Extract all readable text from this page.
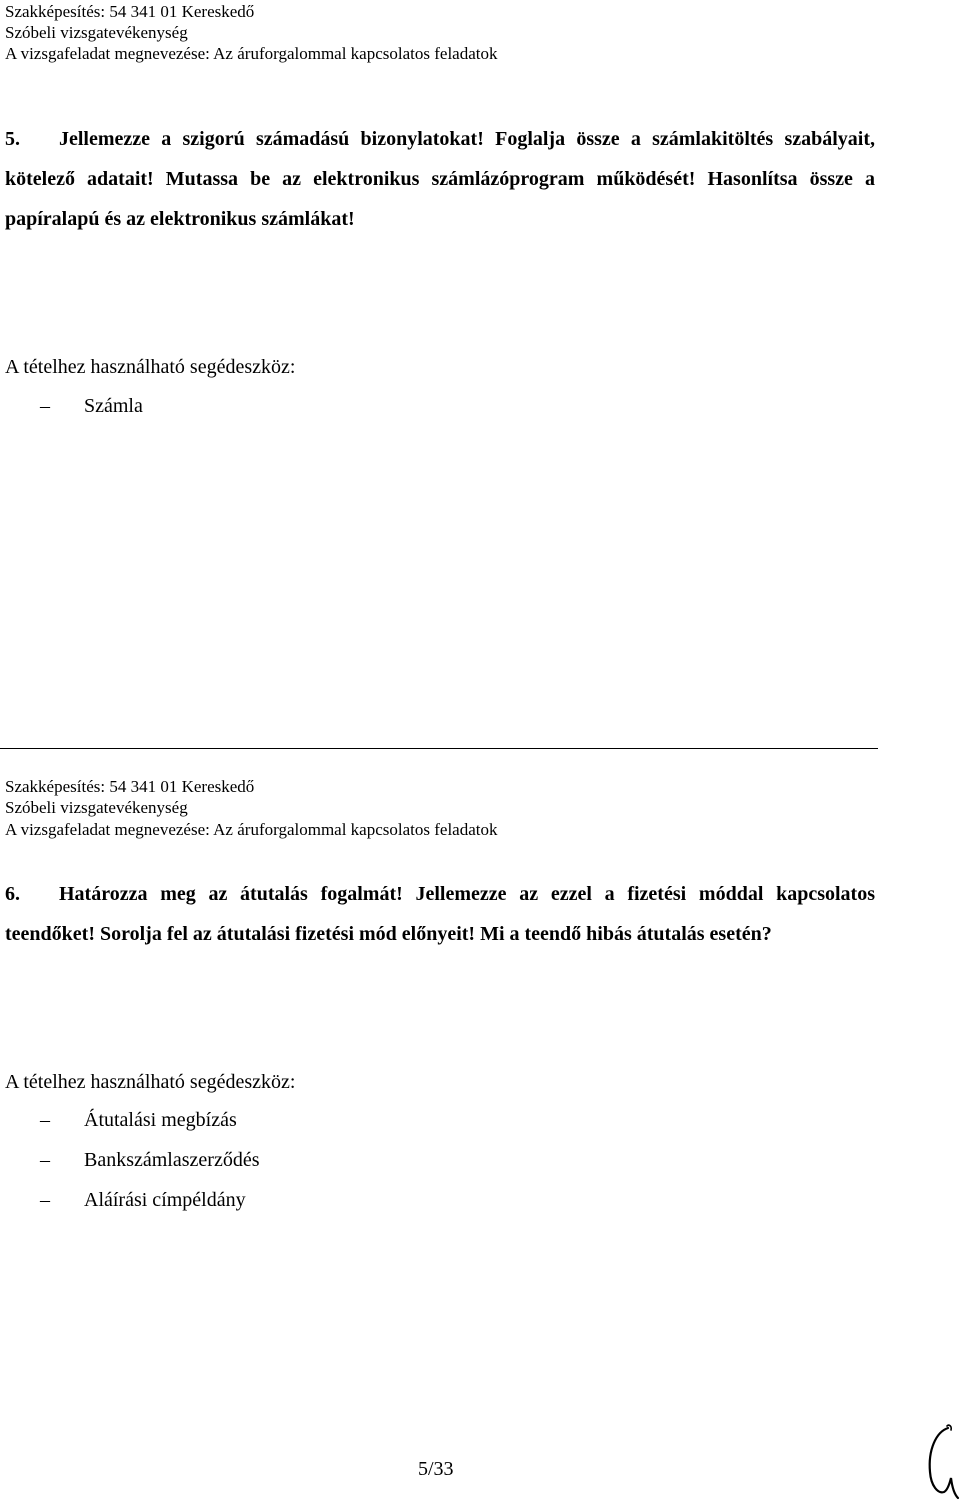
Szakképesítés: 54 341 01 Kereskedő
Szóbeli vizsgatevékenység
A vizsgafeladat megnevezése: Az áruforgalommal kapcsolatos feladatok

5. Jellemezze a szigorú számadású bizonylatokat! Foglalja össze a számlakitöltés szabályait, kötelező adatait! Mutassa be az elektronikus számlázóprogram működését! Hasonlítsa össze a papíralapú és az elektronikus számlákat!

A tételhez használható segédeszköz:
– Számla
Szakképesítés: 54 341 01 Kereskedő
Szóbeli vizsgatevékenység
A vizsgafeladat megnevezése: Az áruforgalommal kapcsolatos feladatok

6. Határozza meg az átutalás fogalmát! Jellemezze az ezzel a fizetési móddal kapcsolatos teendőket! Sorolja fel az átutalási fizetési mód előnyeit! Mi a teendő hibás átutalás esetén?

A tételhez használható segédeszköz:
– Átutalási megbízás
– Bankszámlaszerződés
– Aláírási címpéldány
5/33
